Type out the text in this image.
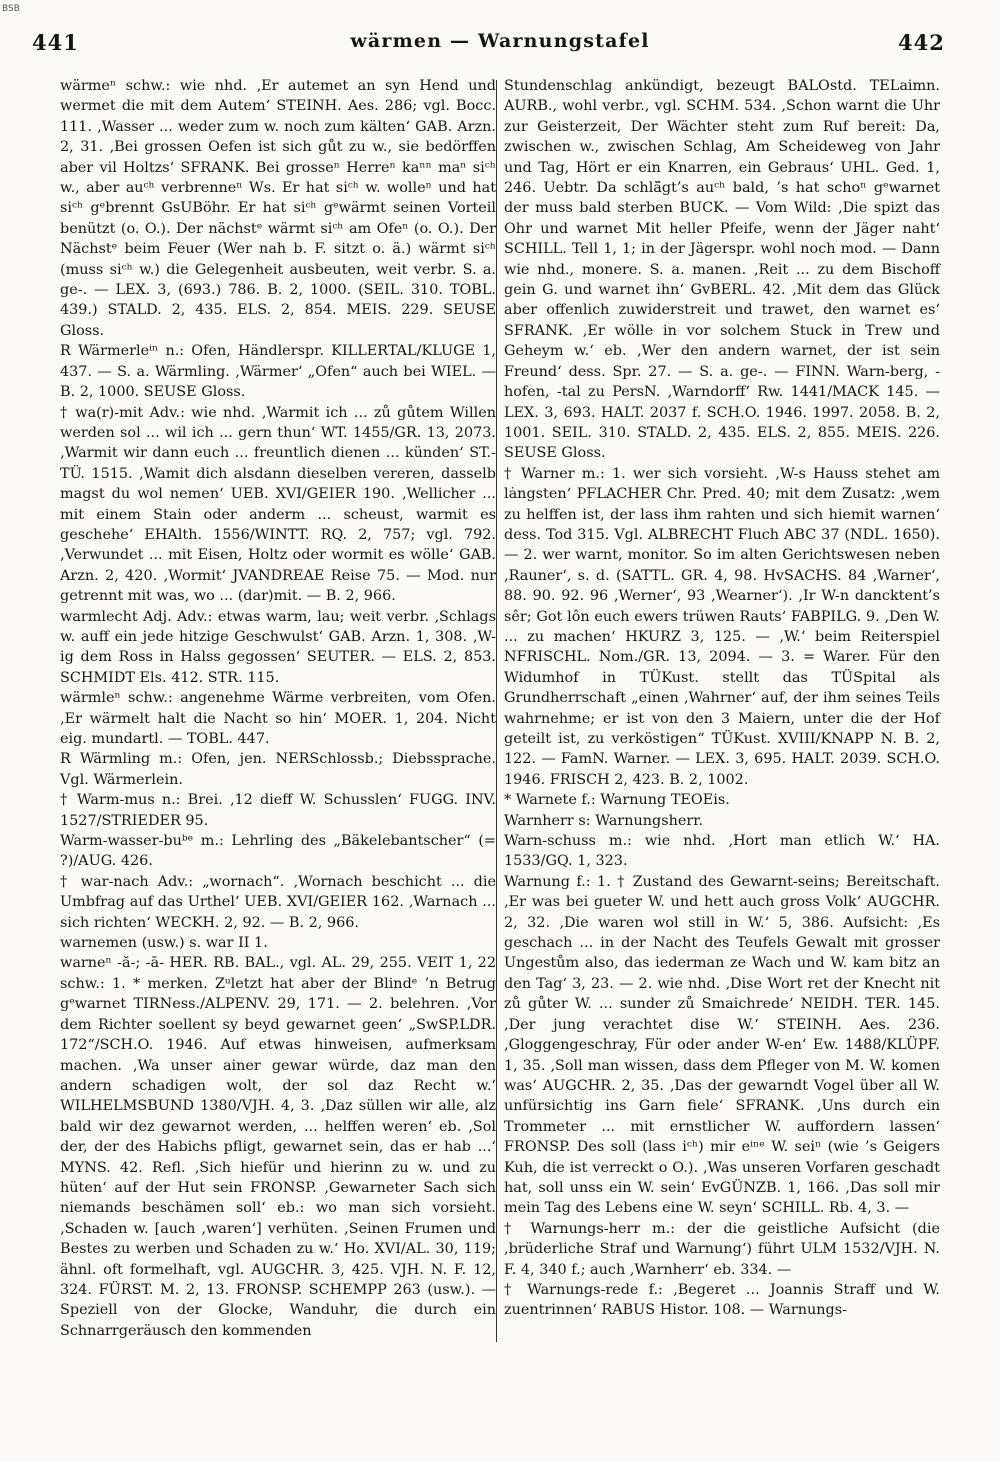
BSB
441	wärmen — Warnungstafel	442

wärmeⁿ schw.: wie nhd. ‚Er autemet an syn Hend und wermet die mit dem Autem‘ STEINH. Aes. 286; vgl. Bocc. 111. ‚Wasser ... weder zum w. noch zum kälten‘ GAB. Arzn. 2, 31. ‚Bei grossen Oefen ist sich gůt zu w., sie bedörffen aber vil Holtzs‘ SFRANK. Bei grosseⁿ Herreⁿ kaⁿⁿ maⁿ siᶜʰ w., aber auᶜʰ verbrenneⁿ Ws. Er hat siᶜʰ w. wolleⁿ und hat siᶜʰ gᵉbrennt GsUBöhr. Er hat siᶜʰ gᵉwärmt seinen Vorteil benützt (o. O.). Der nächstᵉ wärmt siᶜʰ am Ofeⁿ (o. O.). Der Nächstᵉ beim Feuer (Wer nah b. F. sitzt o. ä.) wärmt siᶜʰ (muss siᶜʰ w.) die Gelegenheit ausbeuten, weit verbr. S. a. ge-. — LEX. 3, (693.) 786. B. 2, 1000. (SEIL. 310. TOBL. 439.) STALD. 2, 435. ELS. 2, 854. MEIS. 229. SEUSE Gloss.

R Wärmerleⁱⁿ n.: Ofen, Händlerspr. KILLERTAL/KLUGE 1, 437. — S. a. Wärmling. ‚Wärmer‘ „Ofen“ auch bei WIEL. — B. 2, 1000. SEUSE Gloss.

† wa(r)-mit Adv.: wie nhd. ‚Warmit ich ... zů gůtem Willen werden sol ... wil ich ... gern thun‘ WT. 1455/GR. 13, 2073. ‚Warmit wir dann euch ... freuntlich dienen ... künden‘ ST.-TÜ. 1515. ‚Wamit dich alsdann dieselben vereren, dasselb magst du wol nemen‘ UEB. XVI/GEIER 190. ‚Wellicher ... mit einem Stain oder anderm ... scheust, warmit es geschehe‘ EHAlth. 1556/WINTT. RQ. 2, 757; vgl. 792. ‚Verwundet ... mit Eisen, Holtz oder wormit es wölle‘ GAB. Arzn. 2, 420. ‚Wormit‘ JVANDREAE Reise 75. — Mod. nur getrennt mit was, wo ... (dar)mit. — B. 2, 966.

warmlecht Adj. Adv.: etwas warm, lau; weit verbr. ‚Schlags w. auff ein jede hitzige Geschwulst‘ GAB. Arzn. 1, 308. ‚W-ig dem Ross in Halss gegossen‘ SEUTER. — ELS. 2, 853. SCHMIDT Els. 412. STR. 115.

wärmleⁿ schw.: angenehme Wärme verbreiten, vom Ofen. ‚Er wärmelt halt die Nacht so hin‘ MOER. 1, 204. Nicht eig. mundartl. — TOBL. 447.

R Wärmling m.: Ofen, jen. NERSchlossb.; Diebssprache. Vgl. Wärmerlein.

† Warm-mus n.: Brei. ‚12 dieff W. Schusslen‘ FUGG. INV. 1527/STRIEDER 95.

Warm-wasser-buᵇᵉ m.: Lehrling des „Bäkelebantscher“ (= ?)/AUG. 426.

† war-nach Adv.: „wornach“. ‚Wornach beschicht ... die Umbfrag auf das Urthel‘ UEB. XVI/GEIER 162. ‚Warnach ... sich richten‘ WECKH. 2, 92. — B. 2, 966.

warnemen (usw.) s. war II 1.

warneⁿ -ă-; -ā- HER. RB. BAL., vgl. AL. 29, 255. VEIT 1, 22 schw.: 1. * merken. Zᵘletzt hat aber der Blindᵉ ’n Betrug gᵉwarnet TIRNess./ALPENV. 29, 171. — 2. belehren. ‚Vor dem Richter soellent sy beyd gewarnet geen‘ „SwSP.LDR. 172“/SCH.O. 1946. Auf etwas hinweisen, aufmerksam machen. ‚Wa unser ainer gewar würde, daz man den andern schadigen wolt, der sol daz Recht w.‘ WILHELMSBUND 1380/VJH. 4, 3. ‚Daz süllen wir alle, alz bald wir dez gewarnot werden, ... helffen weren‘ eb. ‚Sol der, der des Habichs pfligt, gewarnet sein, das er hab ...‘ MYNS. 42. Refl. ‚Sich hiefür und hierinn zu w. und zu hüten‘ auf der Hut sein FRONSP. ‚Gewarneter Sach sich niemands beschämen soll‘ eb.: wo man sich vorsieht. ‚Schaden w. [auch ‚waren‘] verhüten. ‚Seinen Frumen und Bestes zu werben und Schaden zu w.‘ Ho. XVI/AL. 30, 119; ähnl. oft formelhaft, vgl. AUGCHR. 3, 425. VJH. N. F. 12, 324. FÜRST. M. 2, 13. FRONSP. SCHEMPP 263 (usw.). — Speziell von der Glocke, Wanduhr, die durch ein Schnarrgeräusch den kommenden

Stundenschlag ankündigt, bezeugt BALOstd. TELaimn. AURB., wohl verbr., vgl. SCHM. 534. ‚Schon warnt die Uhr zur Geisterzeit, Der Wächter steht zum Ruf bereit: Da, zwischen w., zwischen Schlag, Am Scheideweg von Jahr und Tag, Hört er ein Knarren, ein Gebraus‘ UHL. Ged. 1, 246. Uebtr. Da schlä̈gt’s auᶜʰ bald, ’s hat schoⁿ gᵉwarnet der muss bald sterben BUCK. — Vom Wild: ‚Die spizt das Ohr und warnet Mit heller Pfeife, wenn der Jäger naht‘ SCHILL. Tell 1, 1; in der Jägerspr. wohl noch mod. — Dann wie nhd., monere. S. a. manen. ‚Reit ... zu dem Bischoff gein G. und warnet ihn‘ GvBERL. 42. ‚Mit dem das Glück aber offenlich zuwiderstreit und trawet, den warnet es‘ SFRANK. ‚Er wölle in vor solchem Stuck in Trew und Geheym w.‘ eb. ‚Wer den andern warnet, der ist sein Freund‘ dess. Spr. 27. — S. a. ge-. — FINN. Warn-berg, -hofen, -tal zu PersN. ‚Warndorff‘ Rw. 1441/MACK 145. — LEX. 3, 693. HALT. 2037 f. SCH.O. 1946. 1997. 2058. B. 2, 1001. SEIL. 310. STALD. 2, 435. ELS. 2, 855. MEIS. 226. SEUSE Gloss.

† Warner m.: 1. wer sich vorsieht. ‚W-s Hauss stehet am lȧngsten‘ PFLACHER Chr. Pred. 40; mit dem Zusatz: ‚wem zu helffen ist, der lass ihm rahten und sich hiemit warnen‘ dess. Tod 315. Vgl. ALBRECHT Fluch ABC 37 (NDL. 1650). — 2. wer warnt, monitor. So im alten Gerichtswesen neben ‚Rauner‘, s. d. (SATTL. GR. 4, 98. HvSACHS. 84 ‚Warner‘, 88. 90. 92. 96 ‚Werner‘, 93 ‚Wearner‘). ‚Ir W-n dancktent’s sêr; Got lôn euch ewers trüwen Rauts‘ FABPILG. 9. ‚Den W. ... zu machen‘ HKURZ 3, 125. — ‚W.‘ beim Reiterspiel NFRISCHL. Nom./GR. 13, 2094. — 3. = Warer. Für den Widumhof in TÜKust. stellt das TÜSpital als Grundherrschaft „einen ‚Wahrner‘ auf, der ihm seines Teils wahrnehme; er ist von den 3 Maiern, unter die der Hof geteilt ist, zu verköstigen“ TÜKust. XVIII/KNAPP N. B. 2, 122. — FamN. Warner. — LEX. 3, 695. HALT. 2039. SCH.O. 1946. FRISCH 2, 423. B. 2, 1002.

* Warnete f.: Warnung TEOEis.

Warnherr s: Warnungsherr.

Warn-schuss m.: wie nhd. ‚Hort man etlich W.‘ HA. 1533/GQ. 1, 323.

Warnung f.: 1. † Zustand des Gewarnt-seins; Bereitschaft. ‚Er was bei gueter W. und hett auch gross Volk‘ AUGCHR. 2, 32. ‚Die waren wol still in W.‘ 5, 386. Aufsicht: ‚Es geschach ... in der Nacht des Teufels Gewalt mit grosser Ungestům also, das iederman ze Wach und W. kam bitz an den Tag‘ 3, 23. — 2. wie nhd. ‚Dise Wort ret der Knecht nit zů gůter W. ... sunder zů Smaichrede‘ NEIDH. TER. 145. ‚Der jung verachtet dise W.‘ STEINH. Aes. 236. ‚Gloggengeschray, Für oder ander W-en‘ Ew. 1488/KLÜPF. 1, 35. ‚Soll man wissen, dass dem Pfleger von M. W. komen was‘ AUGCHR. 2, 35. ‚Das der gewarndt Vogel über all W. unfürsichtig ins Garn fiele‘ SFRANK. ‚Uns durch ein Trommeter ... mit ernstlicher W. auffordern lassen‘ FRONSP. Des soll (lass iᶜʰ) mir eⁱⁿᵉ W. seiⁿ (wie ’s Geigers Kuh, die ist verreckt o O.). ‚Was unseren Vorfaren geschadt hat, soll unss ein W. sein‘ EvGÜNZB. 1, 166. ‚Das soll mir mein Tag des Lebens eine W. seyn‘ SCHILL. Rb. 4, 3. —

† Warnungs-herr m.: der die geistliche Aufsicht (die ‚brüderliche Straf und Warnung‘) führt ULM 1532/VJH. N. F. 4, 340 f.; auch ‚Warnherr‘ eb. 334. —

† Warnungs-rede f.: ‚Begeret ... Joannis Straff und W. zuentrinnen‘ RABUS Histor. 108. — Warnungs-
